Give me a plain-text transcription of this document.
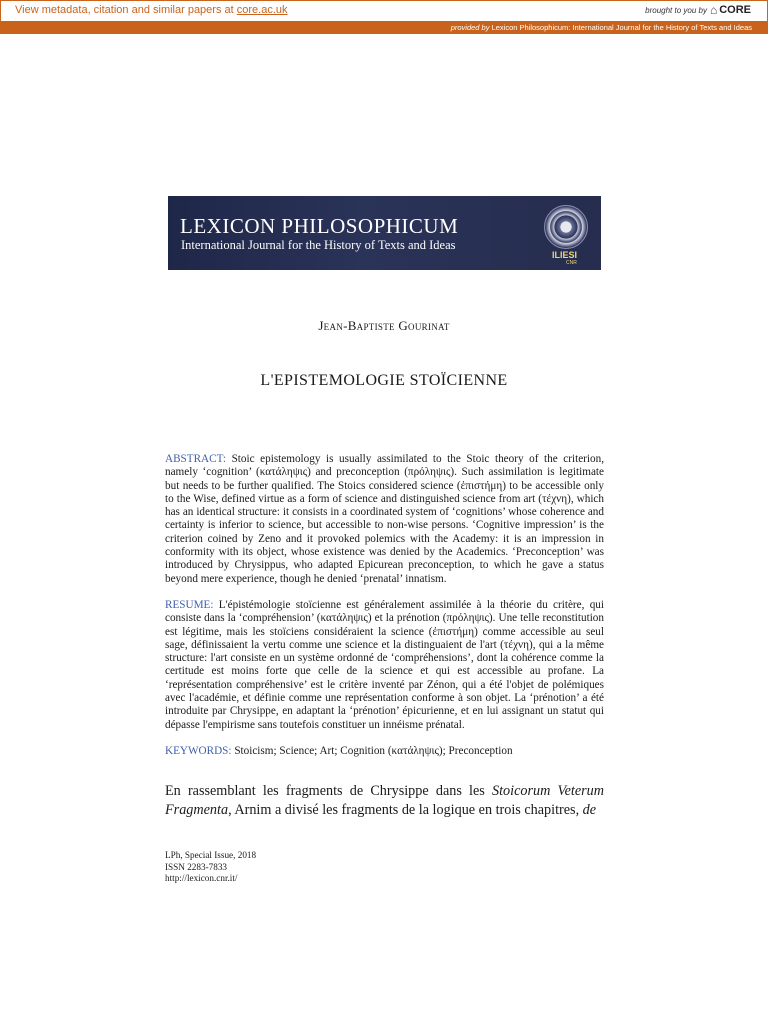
View metadata, citation and similar papers at core.ac.uk	brought to you by ⌂ CORE
provided by Lexicon Philosophicum: International Journal for the History of Texts and Ideas
LEXICON PHILOSOPHICUM
International Journal for the History of Texts and Ideas
ILIESI
CNR
Jean-Baptiste Gourinat
L'EPISTEMOLOGIE STOÏCIENNE
ABSTRACT: Stoic epistemology is usually assimilated to the Stoic theory of the criterion, namely ‘cognition’ (κατάληψις) and preconception (πρόληψις). Such assimilation is legitimate but needs to be further qualified. The Stoics considered science (ἐπιστήμη) to be accessible only to the Wise, defined virtue as a form of science and distinguished science from art (τέχνη), which has an identical structure: it consists in a coordinated system of ‘cognitions’ whose coherence and certainty is inferior to science, but accessible to non-wise persons. ‘Cognitive impression’ is the criterion coined by Zeno and it provoked polemics with the Academy: it is an impression in conformity with its object, whose existence was denied by the Academics. ‘Preconception’ was introduced by Chrysippus, who adapted Epicurean preconception, to which he gave a status beyond mere experience, though he denied ‘prenatal’ innatism.
RESUME: L'épistémologie stoïcienne est généralement assimilée à la théorie du critère, qui consiste dans la ‘compréhension’ (κατάληψις) et la prénotion (πρόληψις). Une telle reconstitution est légitime, mais les stoïciens considéraient la science (ἐπιστήμη) comme accessible au seul sage, définissaient la vertu comme une science et la distinguaient de l'art (τέχνη), qui a la même structure: l'art consiste en un système ordonné de ‘compréhensions’, dont la cohérence comme la certitude est moins forte que celle de la science et qui est accessible au profane. La ‘représentation compréhensive’ est le critère inventé par Zénon, qui a été l'objet de polémiques avec l'académie, et définie comme une représentation conforme à son objet. La ‘prénotion’ a été introduite par Chrysippe, en adaptant la ‘prénotion’ épicurienne, et en lui assignant un statut qui dépasse l'empirisme sans toutefois constituer un innéisme prénatal.
KEYWORDS: Stoicism; Science; Art; Cognition (κατάληψις); Preconception
En rassemblant les fragments de Chrysippe dans les Stoicorum Veterum Fragmenta, Arnim a divisé les fragments de la logique en trois chapitres, de
LPh, Special Issue, 2018
ISSN 2283-7833
http://lexicon.cnr.it/
